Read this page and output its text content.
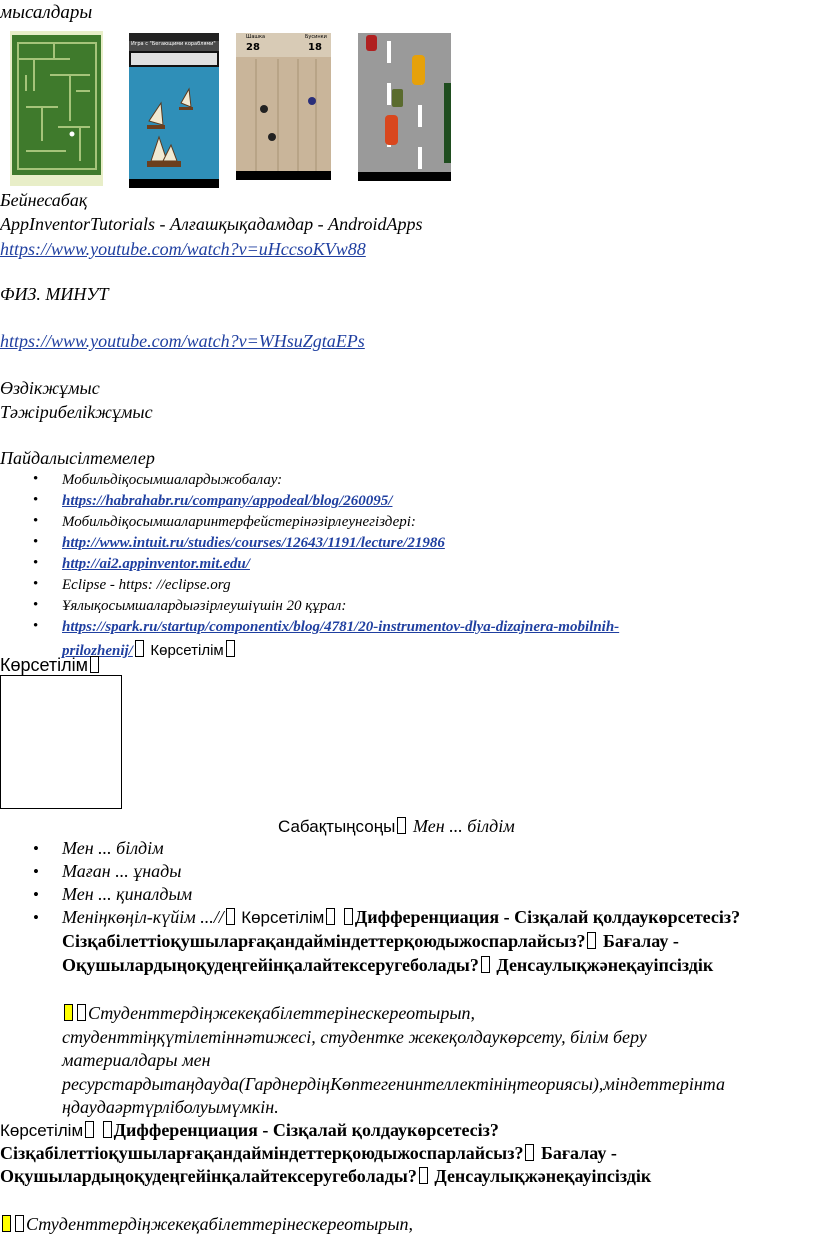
мысалдары
Игра с "Бегающими кораблями"
Шашка
28
Бусинки
18
Бейнесабақ
AppInventorTutorials - Алғашқықадамдар - AndroidApps
https://www.youtube.com/watch?v=uHccsoKVw88
ФИЗ. МИНУТ
https://www.youtube.com/watch?v=WHsuZgtaEPs
Өздікжұмыс
Тәжірибеліkжұмыс
Пайдалысілтемелер
• Мобильдіқосымшалардыжобалау:
• https://habrahabr.ru/company/appodeal/blog/260095/
• Мобильдіқосымшаларинтерфейстерінәзірлеунегіздері:
• http://www.intuit.ru/studies/courses/12643/1191/lecture/21986
• http://ai2.appinventor.mit.edu/
• Eclipse - https: //eclipse.org
• Ұялықосымшалардыәзірлеушіүшін 20 құрал:
• https://spark.ru/startup/componentix/blog/4781/20-instrumentov-dlya-dizajnera-mobilnih-
prilozhenij/ Көрсетілім
Көрсетілім
Сабақтыңсоңы Мен ... білдім
• Мен ... білдім
• Маған ... ұнады
• Мен ... қиналдым
• Менiңкөңiл-күйiм ...// Көрсетілім Дифференциация - Сізқалай қолдаукөрсетесіз?
Сізқабілеттіоқушыларғақандайміндеттерқоюдыжоспарлайсыз? Бағалау -
Оқушылардыңоқудеңгейінқалайтексеругеболады? Денсаулықжәнеқауіпсіздік
Студенттердіңжекеқабілеттерінескереотырып,
студенттіңқүтілетіннәтижесі, студентке жекеқолдаукөрсету, білім беру
материалдары мен
ресурстардытаңдауда(ГарднердіңКөптегенинтеллектініңтеориясы),міндеттерінта
ңдаудаәртүрліболуымүмкін.
Көрсетілім Дифференциация - Сізқалай қолдаукөрсетесіз?
Сізқабілеттіоқушыларғақандайміндеттерқоюдыжоспарлайсыз? Бағалау -
Оқушылардыңоқудеңгейінқалайтексеругеболады? Денсаулықжәнеқауіпсіздік
Студенттердіңжекеқабілеттерінескереотырып,
